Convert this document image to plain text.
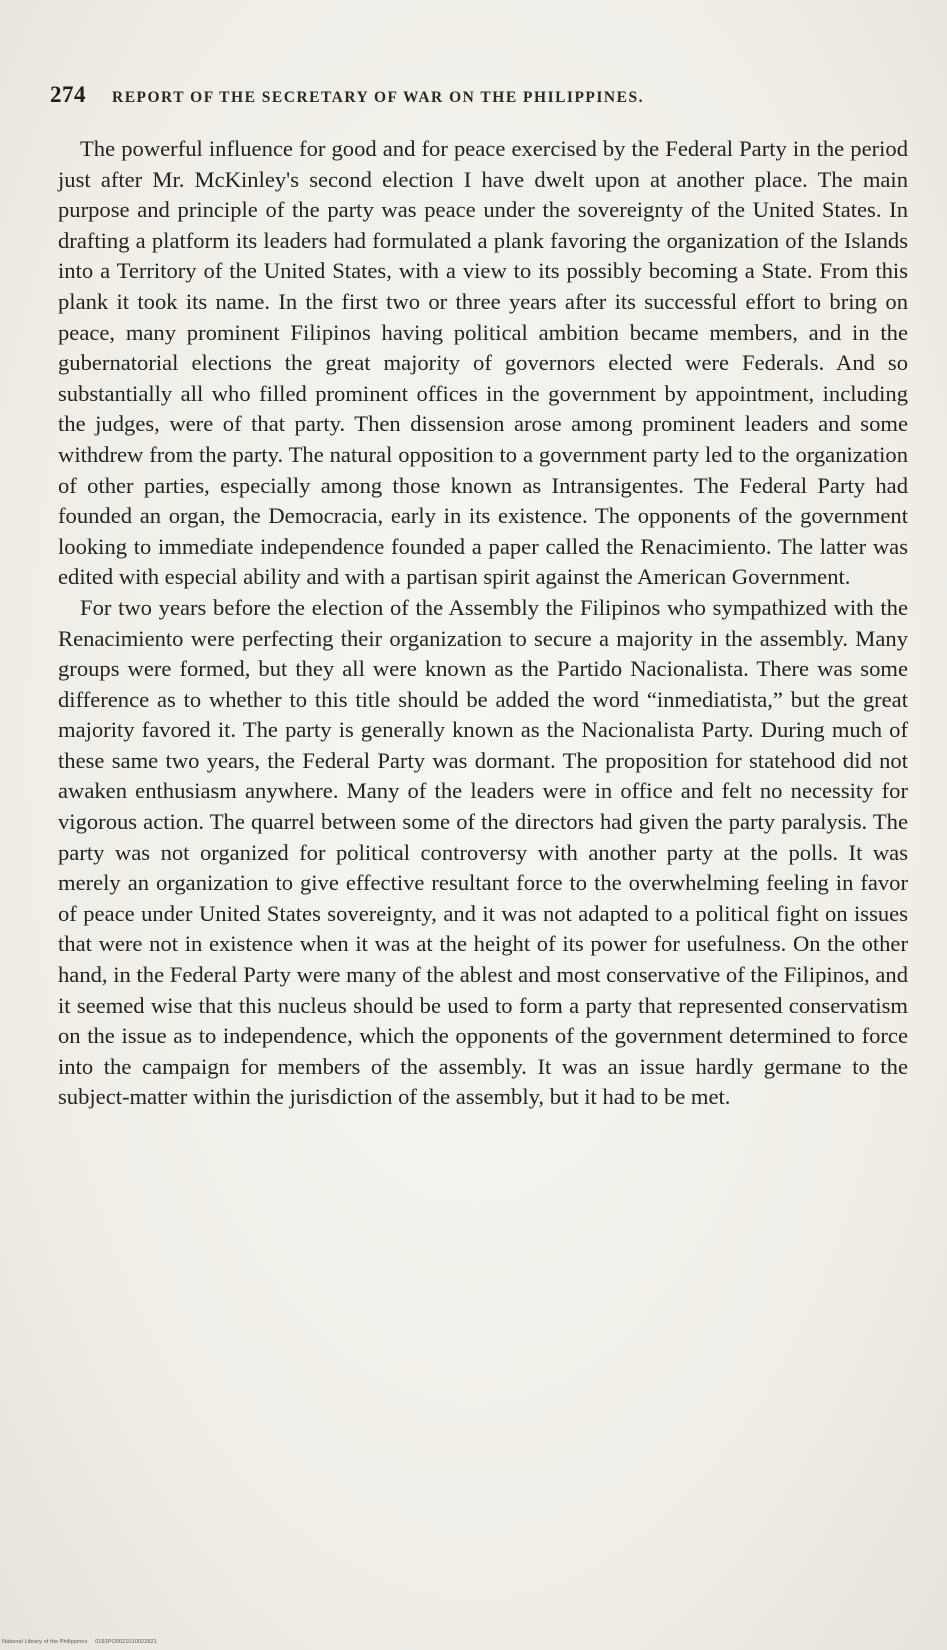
274 REPORT OF THE SECRETARY OF WAR ON THE PHILIPPINES.

The powerful influence for good and for peace exercised by the Federal Party in the period just after Mr. McKinley's second election I have dwelt upon at another place. The main purpose and principle of the party was peace under the sovereignty of the United States. In drafting a platform its leaders had formulated a plank favoring the organization of the Islands into a Territory of the United States, with a view to its possibly becoming a State. From this plank it took its name. In the first two or three years after its successful effort to bring on peace, many prominent Filipinos having political ambition became members, and in the gubernatorial elections the great majority of governors elected were Federals. And so substantially all who filled prominent offices in the government by appointment, including the judges, were of that party. Then dissension arose among prominent leaders and some withdrew from the party. The natural opposition to a government party led to the organization of other parties, especially among those known as Intransigentes. The Federal Party had founded an organ, the Democracia, early in its existence. The opponents of the government looking to immediate independence founded a paper called the Renacimiento. The latter was edited with especial ability and with a partisan spirit against the American Government.

For two years before the election of the Assembly the Filipinos who sympathized with the Renacimiento were perfecting their organization to secure a majority in the assembly. Many groups were formed, but they all were known as the Partido Nacionalista. There was some difference as to whether to this title should be added the word “inmediatista,” but the great majority favored it. The party is generally known as the Nacionalista Party. During much of these same two years, the Federal Party was dormant. The proposition for statehood did not awaken enthusiasm anywhere. Many of the leaders were in office and felt no necessity for vigorous action. The quarrel between some of the directors had given the party paralysis. The party was not organized for political controversy with another party at the polls. It was merely an organization to give effective resultant force to the overwhelming feeling in favor of peace under United States sovereignty, and it was not adapted to a political fight on issues that were not in existence when it was at the height of its power for usefulness. On the other hand, in the Federal Party were many of the ablest and most conservative of the Filipinos, and it seemed wise that this nucleus should be used to form a party that represented conservatism on the issue as to independence, which the opponents of the government determined to force into the campaign for members of the assembly. It was an issue hardly germane to the subject-matter within the jurisdiction of the assembly, but it had to be met.

National Library of the Philippines 0193PO0021010022821
